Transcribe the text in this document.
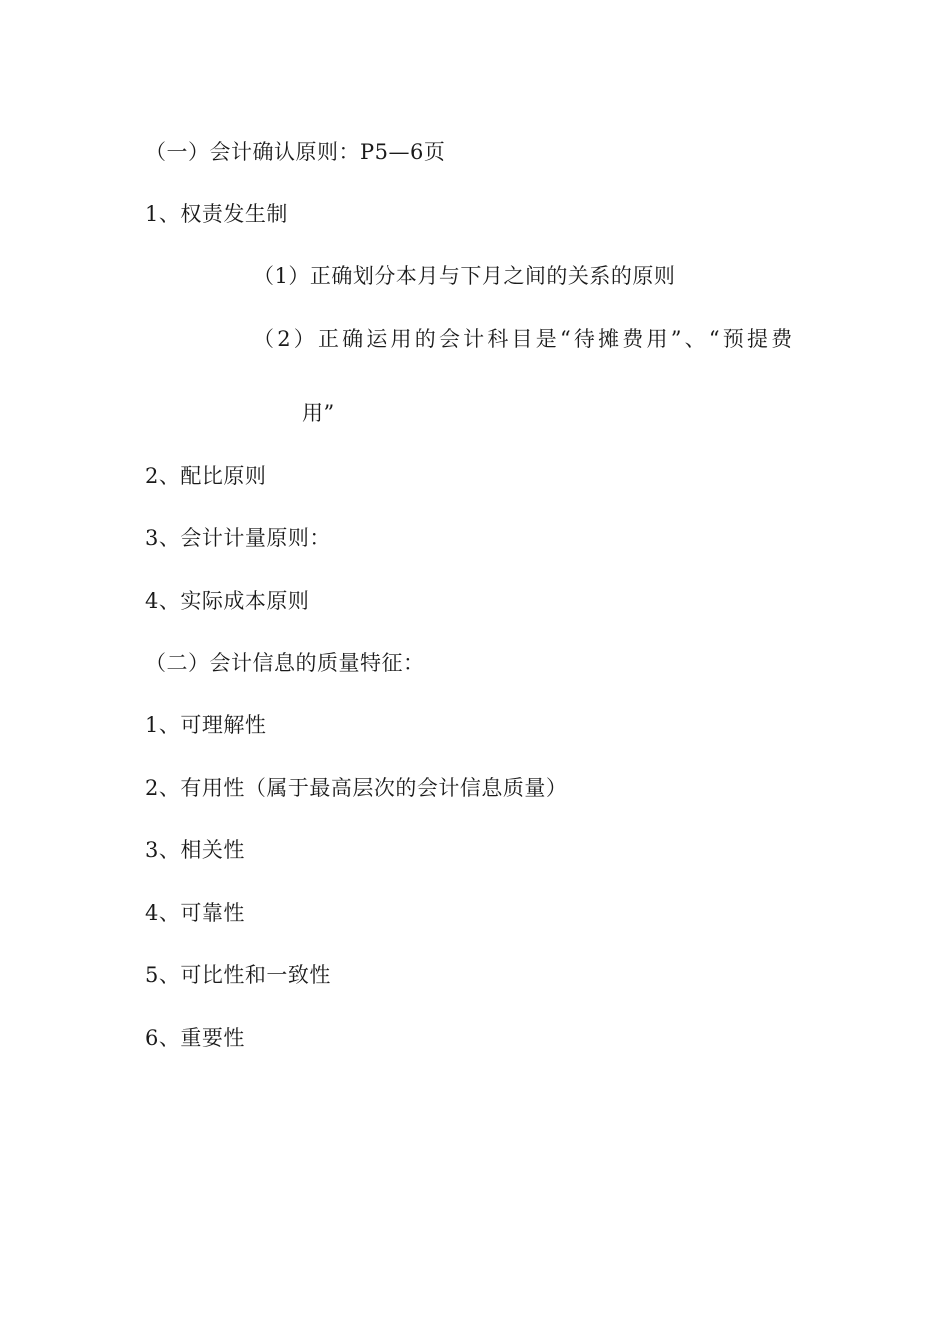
（一）会计确认原则：P5—6页
1、权责发生制
（1）正确划分本月与下月之间的关系的原则
（2）正确运用的会计科目是“待摊费用”、“预提费
用”
2、配比原则
3、会计计量原则：
4、实际成本原则
（二）会计信息的质量特征：
1、可理解性
2、有用性（属于最高层次的会计信息质量）
3、相关性
4、可靠性
5、可比性和一致性
6、重要性
